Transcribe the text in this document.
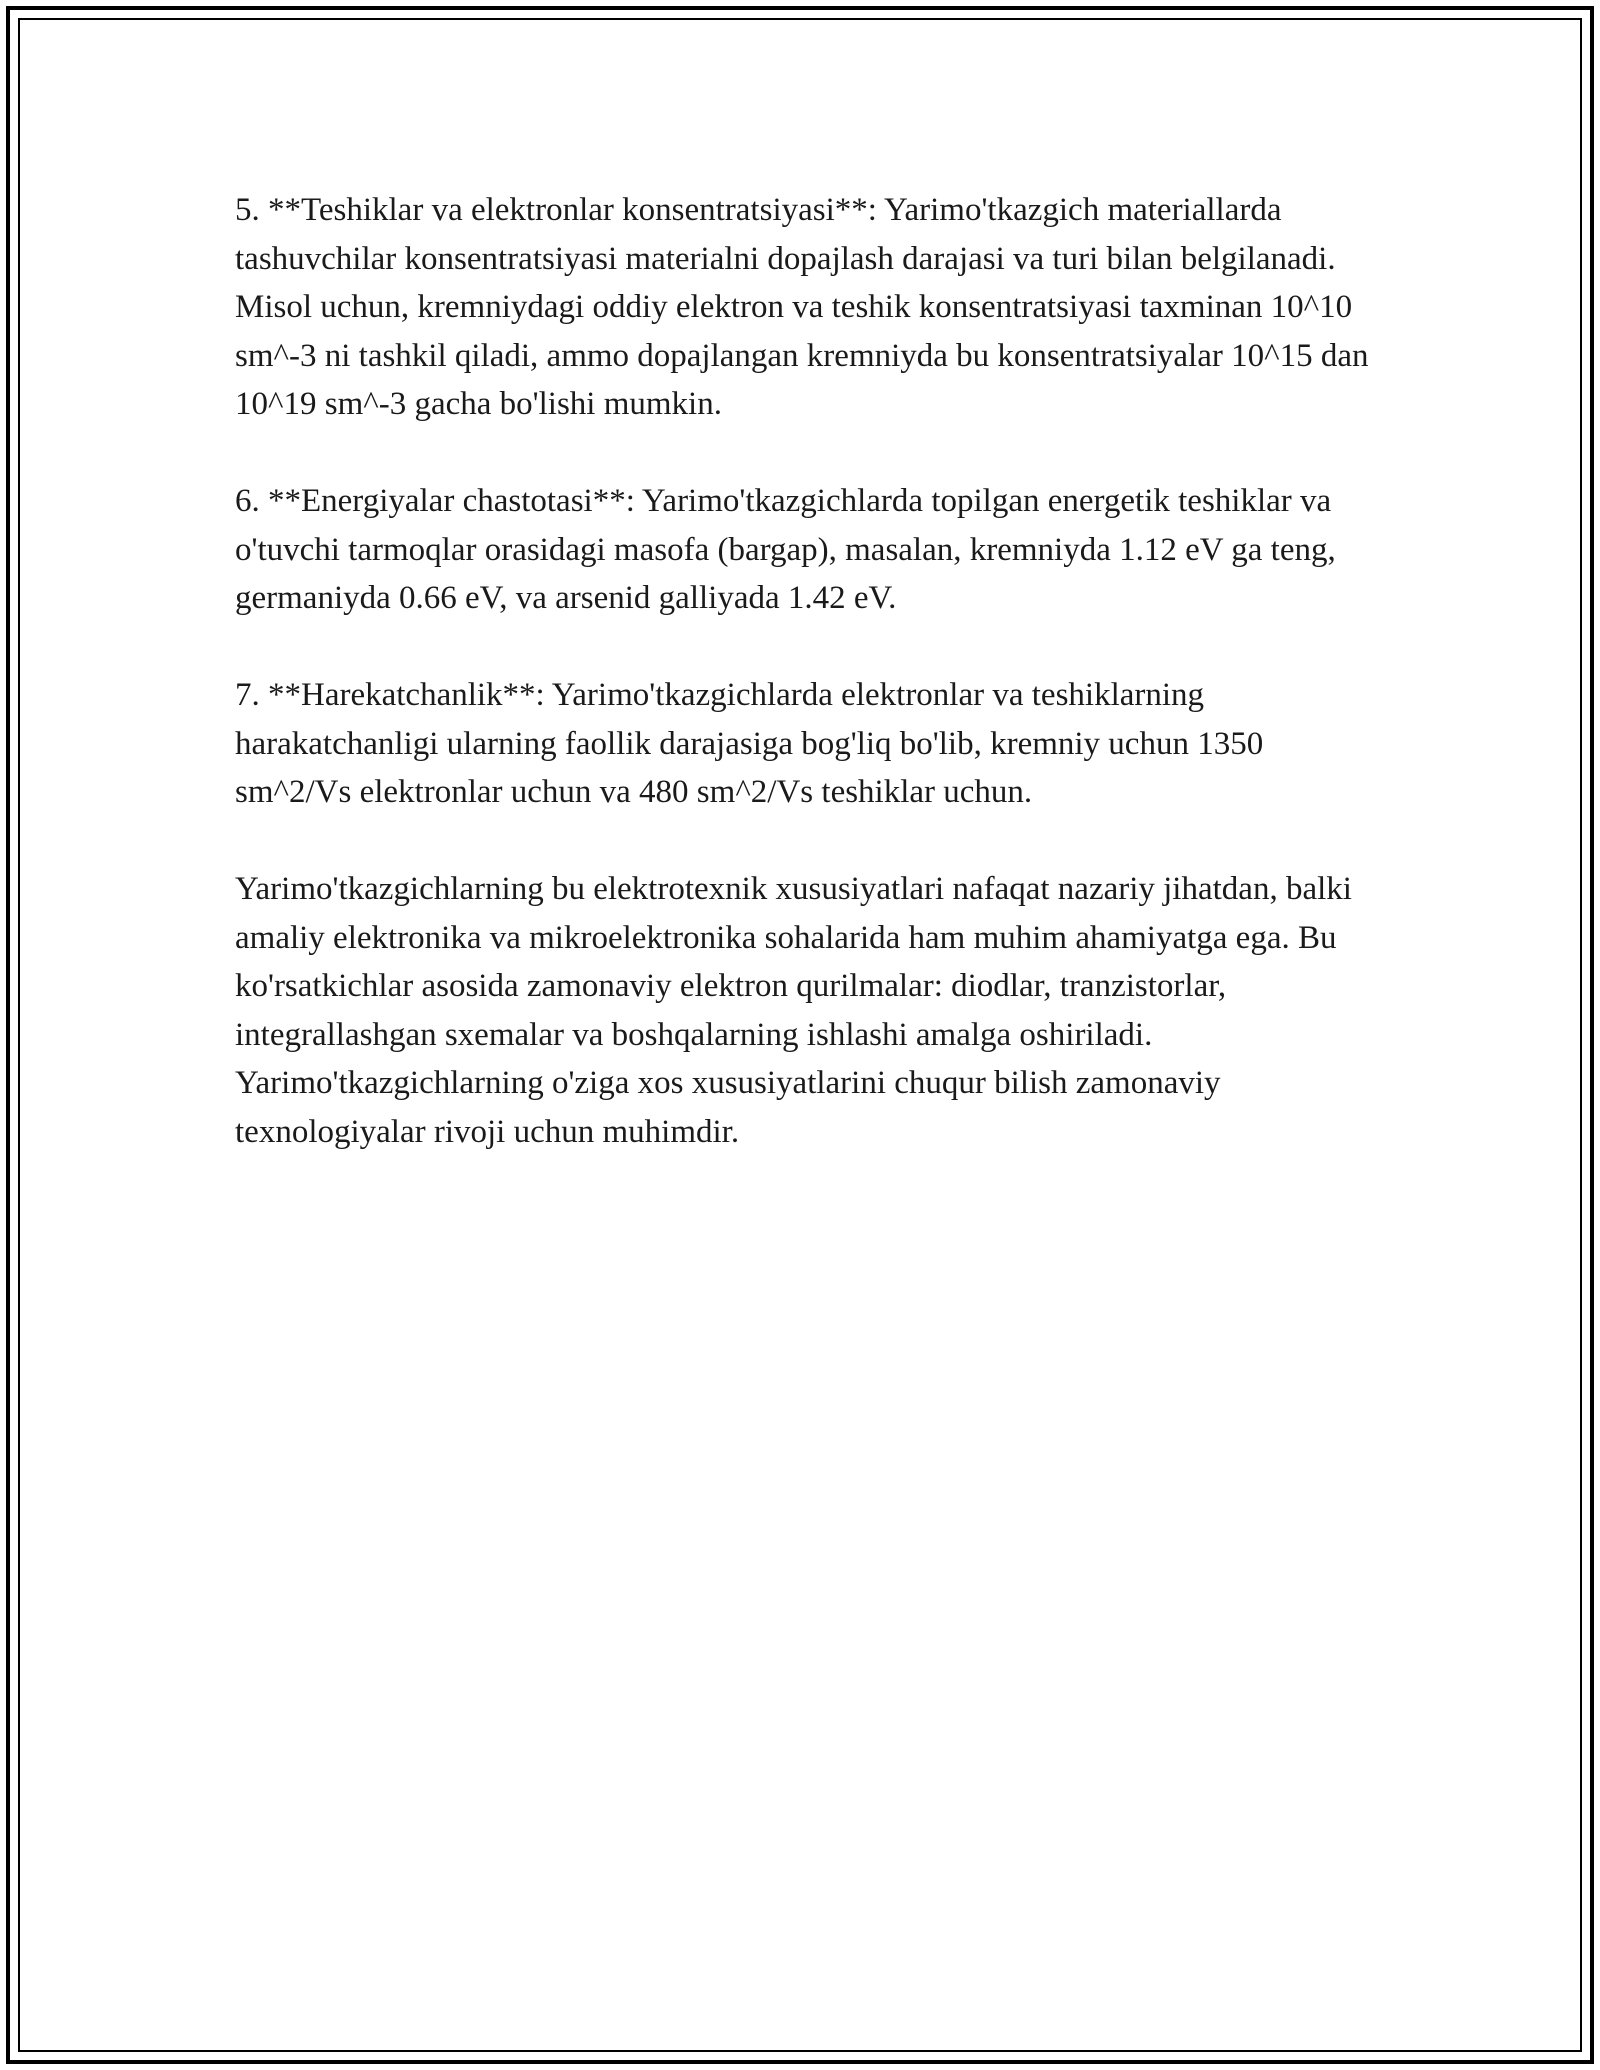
5. **Teshiklar va elektronlar konsentratsiyasi**: Yarimo'tkazgich materiallarda tashuvchilar konsentratsiyasi materialni dopajlash darajasi va turi bilan belgilanadi. Misol uchun, kremniydagi oddiy elektron va teshik konsentratsiyasi taxminan 10^10 sm^-3 ni tashkil qiladi, ammo dopajlangan kremniyda bu konsentratsiyalar 10^15 dan 10^19 sm^-3 gacha bo'lishi mumkin.

6. **Energiyalar chastotasi**: Yarimo'tkazgichlarda topilgan energetik teshiklar va o'tuvchi tarmoqlar orasidagi masofa (bargap), masalan, kremniyda 1.12 eV ga teng, germaniyda 0.66 eV, va arsenid galliyada 1.42 eV.

7. **Harekatchanlik**: Yarimo'tkazgichlarda elektronlar va teshiklarning harakatchanligi ularning faollik darajasiga bog'liq bo'lib, kremniy uchun 1350 sm^2/Vs elektronlar uchun va 480 sm^2/Vs teshiklar uchun.

Yarimo'tkazgichlarning bu elektrotexnik xususiyatlari nafaqat nazariy jihatdan, balki amaliy elektronika va mikroelektronika sohalarida ham muhim ahamiyatga ega. Bu ko'rsatkichlar asosida zamonaviy elektron qurilmalar: diodlar, tranzistorlar, integrallashgan sxemalar va boshqalarning ishlashi amalga oshiriladi. Yarimo'tkazgichlarning o'ziga xos xususiyatlarini chuqur bilish zamonaviy texnologiyalar rivoji uchun muhimdir.
